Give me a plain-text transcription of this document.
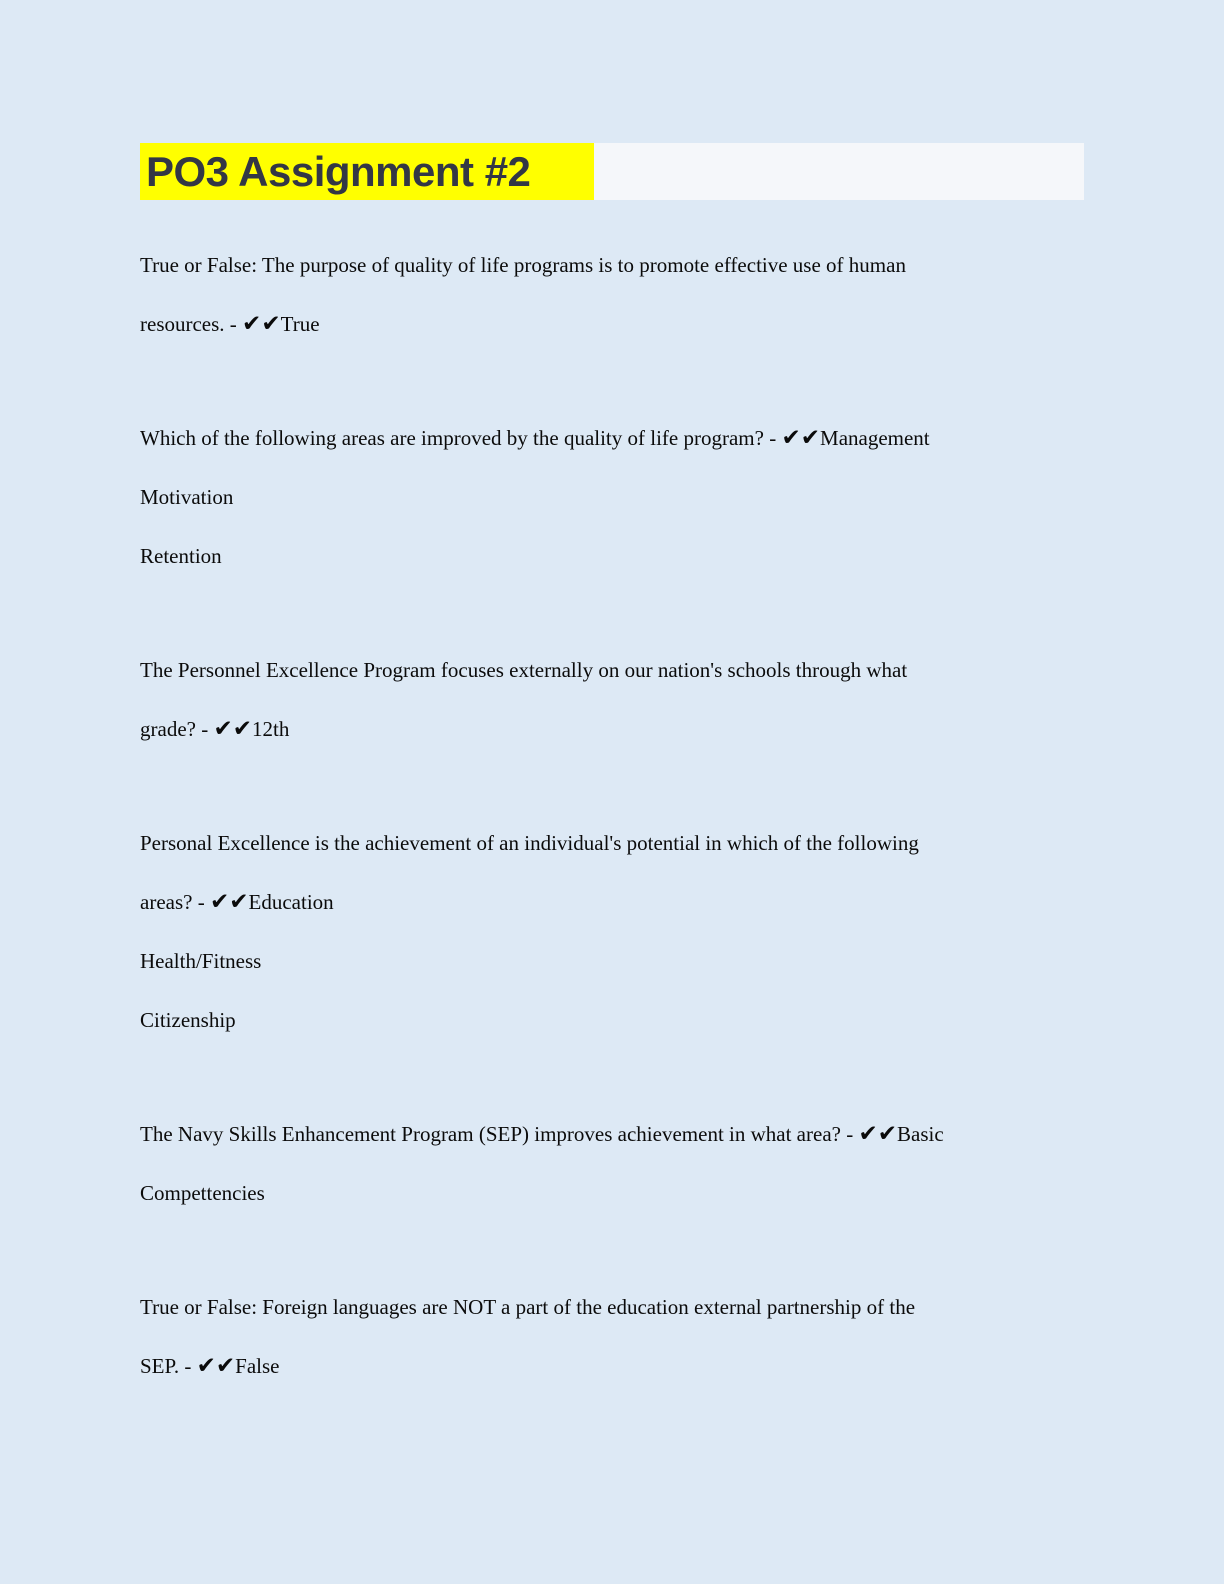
PO3 Assignment #2
True or False: The purpose of quality of life programs is to promote effective use of human
resources. - ✔✔True
Which of the following areas are improved by the quality of life program? - ✔✔Management
Motivation
Retention
The Personnel Excellence Program focuses externally on our nation's schools through what
grade? - ✔✔12th
Personal Excellence is the achievement of an individual's potential in which of the following
areas? - ✔✔Education
Health/Fitness
Citizenship
The Navy Skills Enhancement Program (SEP) improves achievement in what area? - ✔✔Basic
Compettencies
True or False: Foreign languages are NOT a part of the education external partnership of the
SEP. - ✔✔False
